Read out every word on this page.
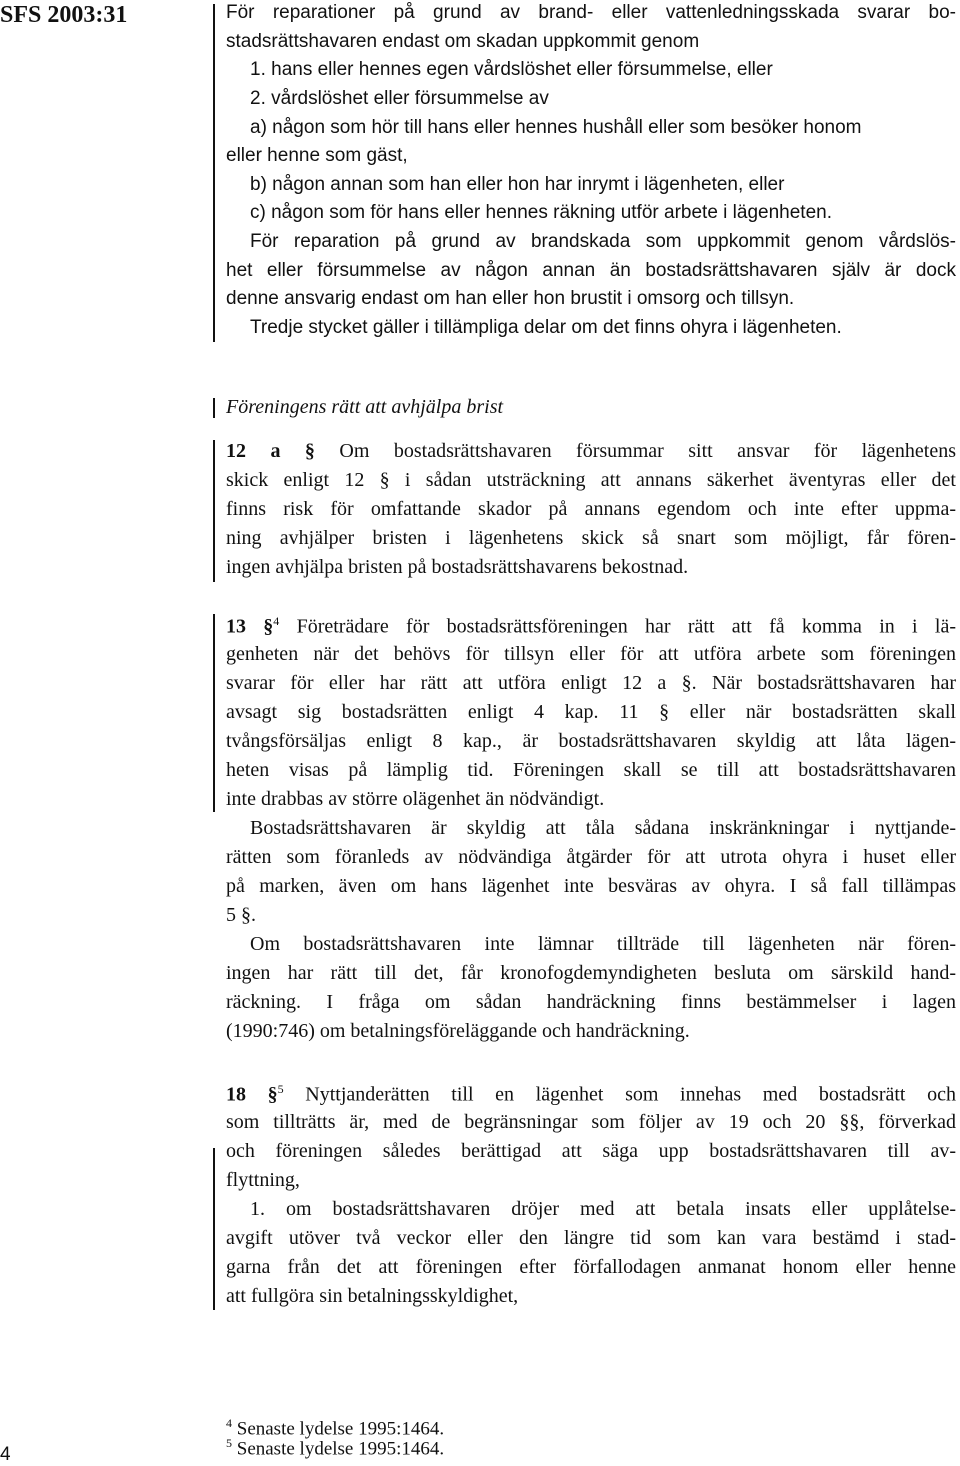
SFS 2003:31
4
För reparationer på grund av brand- eller vattenledningsskada svarar bo-
stadsrättshavaren endast om skadan uppkommit genom
1. hans eller hennes egen vårdslöshet eller försummelse, eller
2. vårdslöshet eller försummelse av
a) någon som hör till hans eller hennes hushåll eller som besöker honom
eller henne som gäst,
b) någon annan som han eller hon har inrymt i lägenheten, eller
c) någon som för hans eller hennes räkning utför arbete i lägenheten.
För reparation på grund av brandskada som uppkommit genom vårdslös-
het eller försummelse av någon annan än bostadsrättshavaren själv är dock
denne ansvarig endast om han eller hon brustit i omsorg och tillsyn.
Tredje stycket gäller i tillämpliga delar om det finns ohyra i lägenheten.
Föreningens rätt att avhjälpa brist
12 a § Om bostadsrättshavaren försummar sitt ansvar för lägenhetens
skick enligt 12 § i sådan utsträckning att annans säkerhet äventyras eller det
finns risk för omfattande skador på annans egendom och inte efter uppma-
ning avhjälper bristen i lägenhetens skick så snart som möjligt, får fören-
ingen avhjälpa bristen på bostadsrättshavarens bekostnad.
13 §$^4$ Företrädare för bostadsrättsföreningen har rätt att få komma in i lä-
genheten när det behövs för tillsyn eller för att utföra arbete som föreningen
svarar för eller har rätt att utföra enligt 12 a §. När bostadsrättshavaren har
avsagt sig bostadsrätten enligt 4 kap. 11 § eller när bostadsrätten skall
tvångsförsäljas enligt 8 kap., är bostadsrättshavaren skyldig att låta lägen-
heten visas på lämplig tid. Föreningen skall se till att bostadsrättshavaren
inte drabbas av större olägenhet än nödvändigt.
Bostadsrättshavaren är skyldig att tåla sådana inskränkningar i nyttjande-
rätten som föranleds av nödvändiga åtgärder för att utrota ohyra i huset eller
på marken, även om hans lägenhet inte besväras av ohyra. I så fall tillämpas
5 §.
Om bostadsrättshavaren inte lämnar tillträde till lägenheten när fören-
ingen har rätt till det, får kronofogdemyndigheten besluta om särskild hand-
räckning. I fråga om sådan handräckning finns bestämmelser i lagen
(1990:746) om betalningsföreläggande och handräckning.
18 §$^5$ Nyttjanderätten till en lägenhet som innehas med bostadsrätt och
som tillträtts är, med de begränsningar som följer av 19 och 20 §§, förverkad
och föreningen således berättigad att säga upp bostadsrättshavaren till av-
flyttning,
1. om bostadsrättshavaren dröjer med att betala insats eller upplåtelse-
avgift utöver två veckor eller den längre tid som kan vara bestämd i stad-
garna från det att föreningen efter förfallodagen anmanat honom eller henne
att fullgöra sin betalningsskyldighet,
$^4$ Senaste lydelse 1995:1464.
$^5$ Senaste lydelse 1995:1464.
